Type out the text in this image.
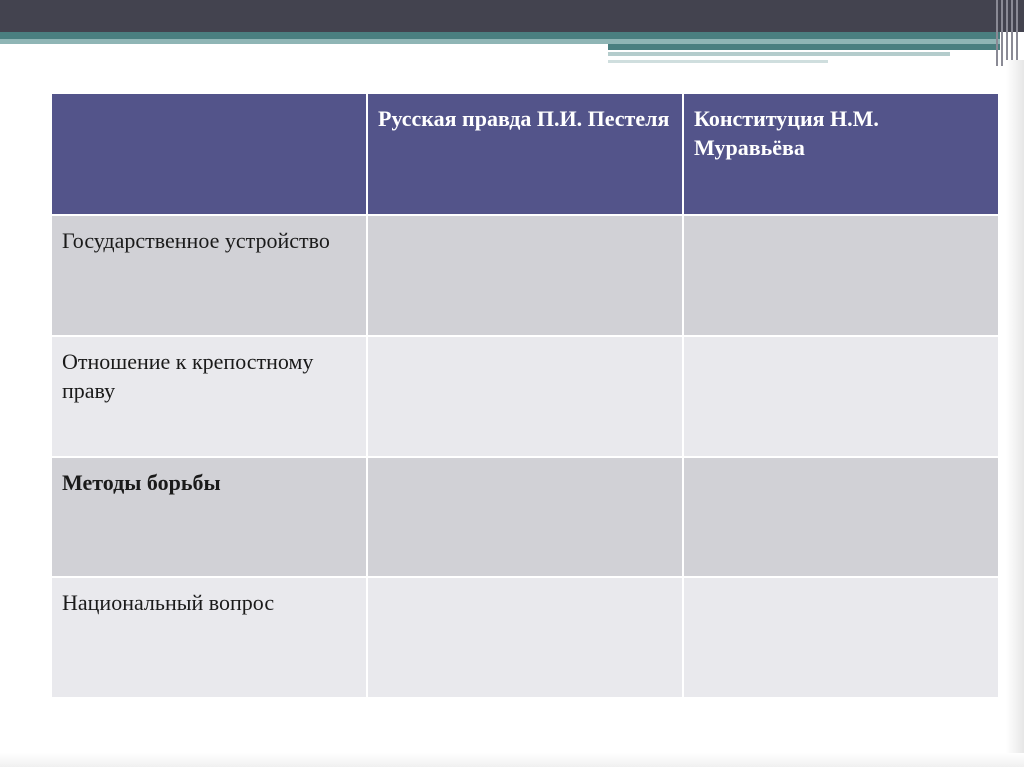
	Русская правда П.И. Пестеля	Конституция Н.М. Муравьёва
Государственное устройство		
Отношение к крепостному праву		
Методы борьбы		
Национальный вопрос		
